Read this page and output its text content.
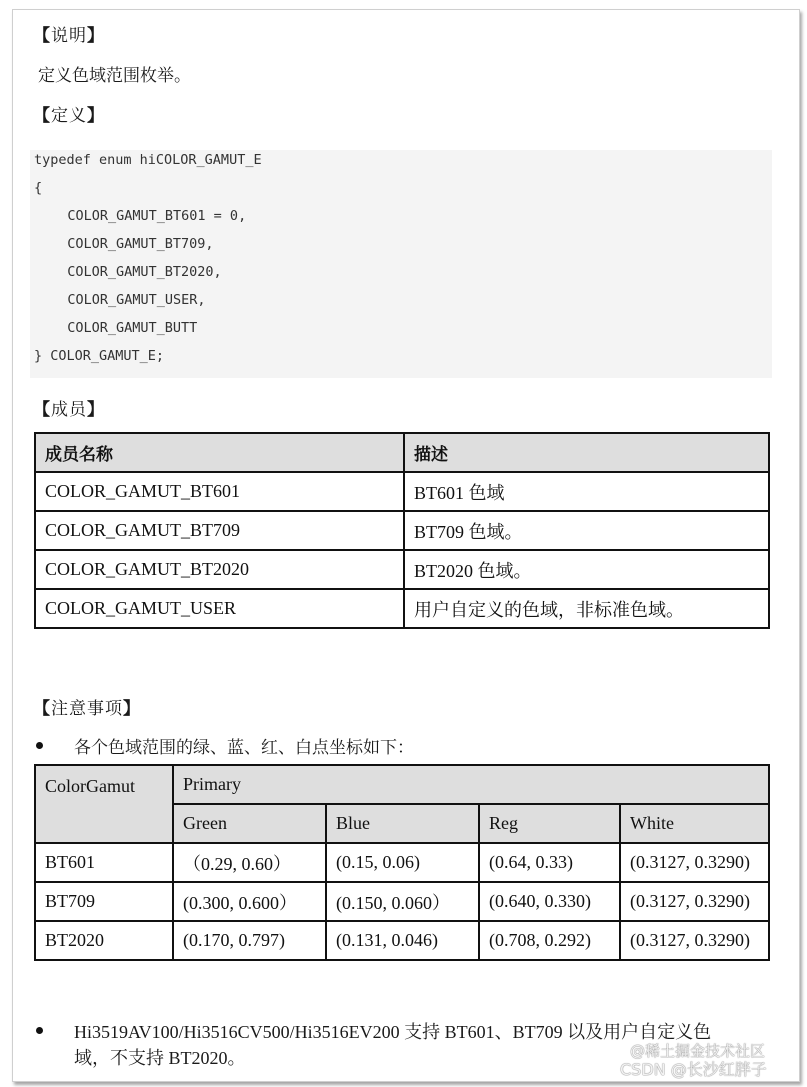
【说明】
定义色域范围枚举。
【定义】
typedef enum hiCOLOR_GAMUT_E
{
COLOR_GAMUT_BT601 = 0,
COLOR_GAMUT_BT709,
COLOR_GAMUT_BT2020,
COLOR_GAMUT_USER,
COLOR_GAMUT_BUTT
} COLOR_GAMUT_E;
【成员】
成员名称	描述
COLOR_GAMUT_BT601	BT601 色域
COLOR_GAMUT_BT709	BT709 色域。
COLOR_GAMUT_BT2020	BT2020 色域。
COLOR_GAMUT_USER	用户自定义的色域，非标准色域。
【注意事项】
各个色域范围的绿、蓝、红、白点坐标如下：
ColorGamut	Primary			
	Green	Blue	Reg	White
BT601	（0.29, 0.60）	(0.15, 0.06)	(0.64, 0.33)	(0.3127, 0.3290)
BT709	(0.300, 0.600）	(0.150, 0.060）	(0.640, 0.330)	(0.3127, 0.3290)
BT2020	(0.170, 0.797)	(0.131, 0.046)	(0.708, 0.292)	(0.3127, 0.3290)
Hi3519AV100/Hi3516CV500/Hi3516EV200 支持 BT601、BT709 以及用户自定义色
域，不支持 BT2020。	@稀土掘金技术社区
CSDN @长沙红胖子
